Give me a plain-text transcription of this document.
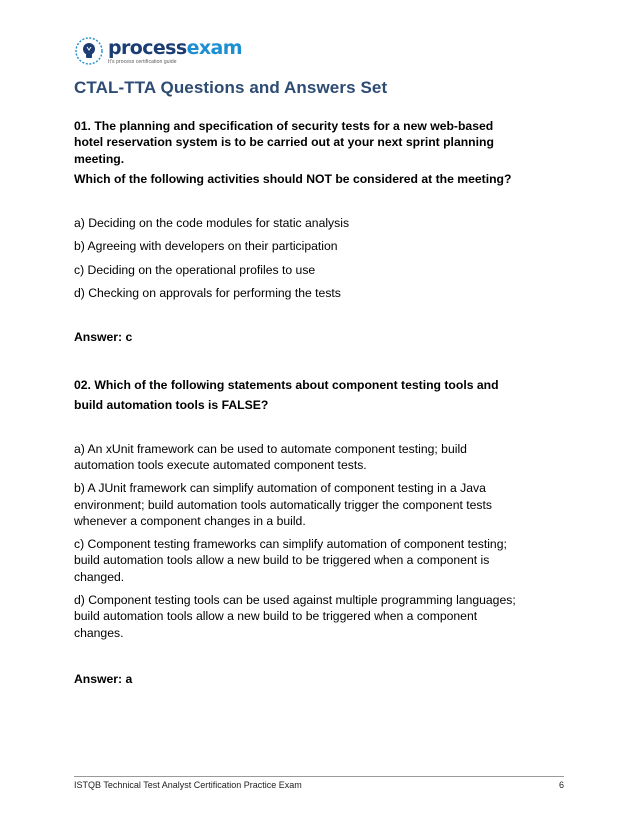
processexam
It's process certification guide
CTAL-TTA Questions and Answers Set

01. The planning and specification of security tests for a new web-based
hotel reservation system is to be carried out at your next sprint planning
meeting.

Which of the following activities should NOT be considered at the meeting?

a) Deciding on the code modules for static analysis

b) Agreeing with developers on their participation

c) Deciding on the operational profiles to use

d) Checking on approvals for performing the tests

Answer: c

02. Which of the following statements about component testing tools and
build automation tools is FALSE?

a) An xUnit framework can be used to automate component testing; build
automation tools execute automated component tests.

b) A JUnit framework can simplify automation of component testing in a Java
environment; build automation tools automatically trigger the component tests
whenever a component changes in a build.

c) Component testing frameworks can simplify automation of component testing;
build automation tools allow a new build to be triggered when a component is
changed.

d) Component testing tools can be used against multiple programming languages;
build automation tools allow a new build to be triggered when a component
changes.

Answer: a

ISTQB Technical Test Analyst Certification Practice Exam	6
